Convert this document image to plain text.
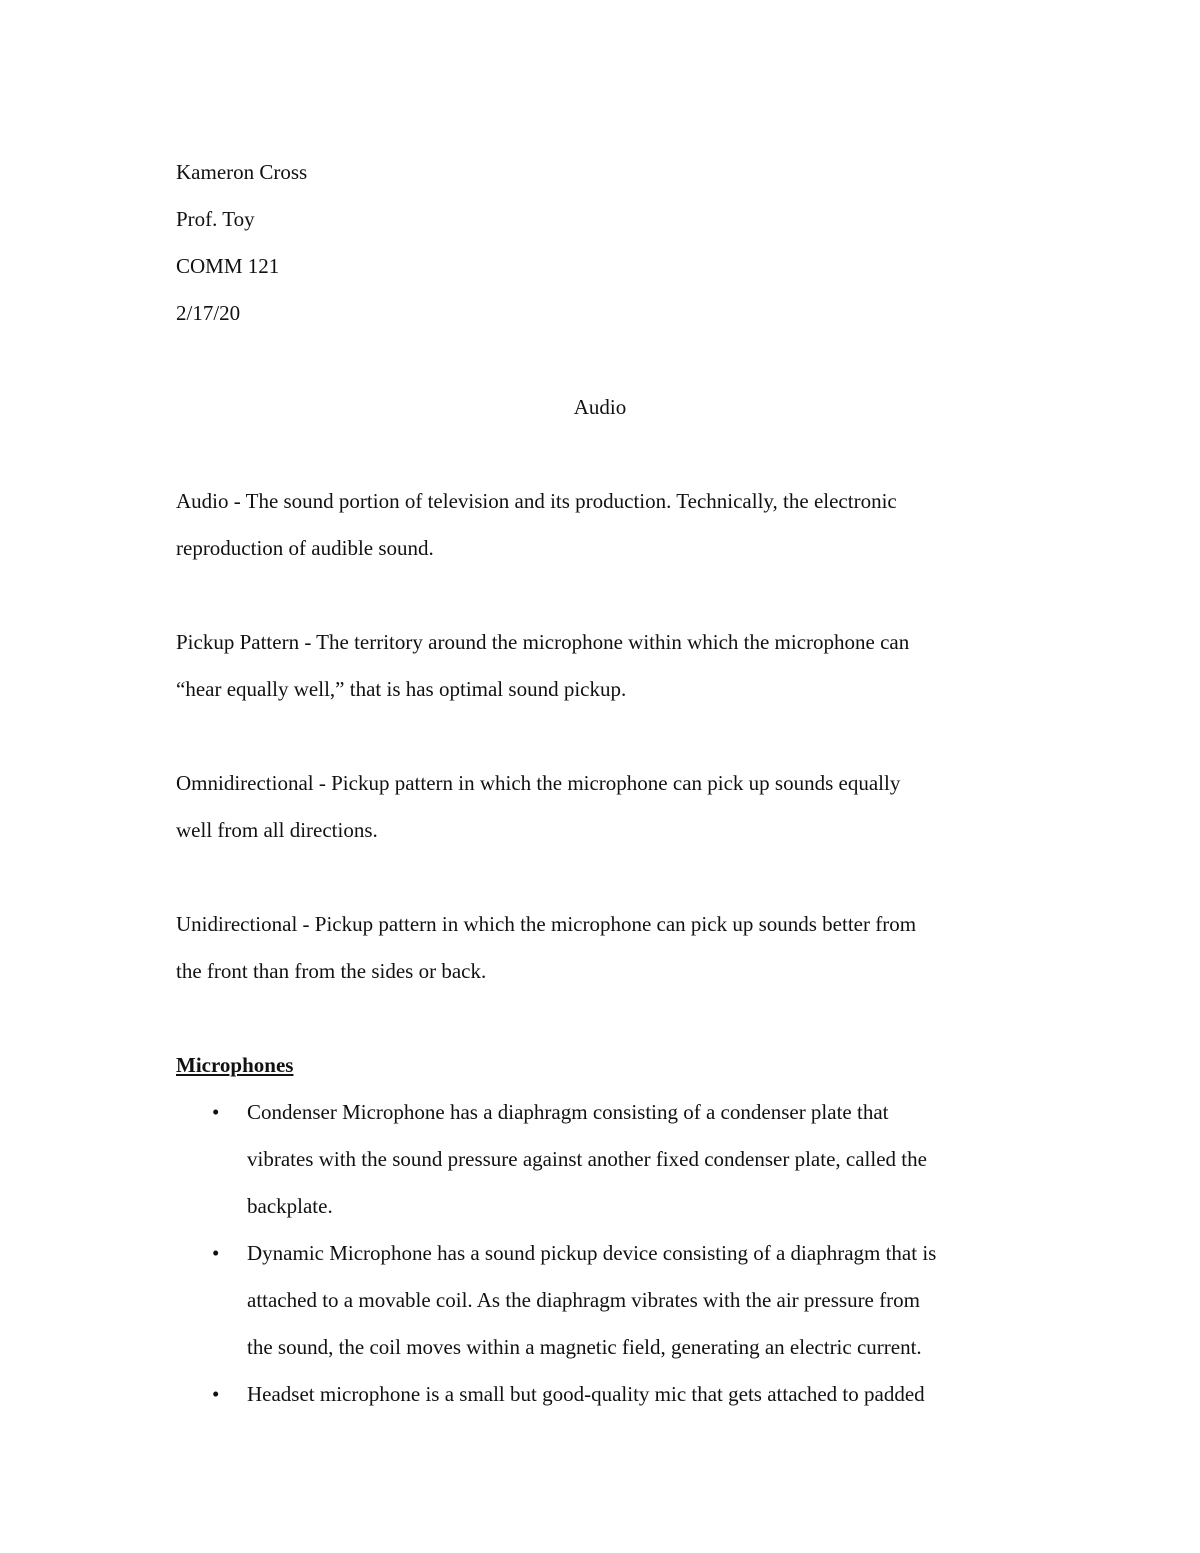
Kameron Cross
Prof. Toy
COMM 121
2/17/20
Audio
Audio - The sound portion of television and its production. Technically, the electronic
reproduction of audible sound.
Pickup Pattern - The territory around the microphone within which the microphone can
“hear equally well,” that is has optimal sound pickup.
Omnidirectional - Pickup pattern in which the microphone can pick up sounds equally
well from all directions.
Unidirectional - Pickup pattern in which the microphone can pick up sounds better from
the front than from the sides or back.
Microphones
• Condenser Microphone has a diaphragm consisting of a condenser plate that
vibrates with the sound pressure against another fixed condenser plate, called the
backplate.
• Dynamic Microphone has a sound pickup device consisting of a diaphragm that is
attached to a movable coil. As the diaphragm vibrates with the air pressure from
the sound, the coil moves within a magnetic field, generating an electric current.
• Headset microphone is a small but good-quality mic that gets attached to padded
